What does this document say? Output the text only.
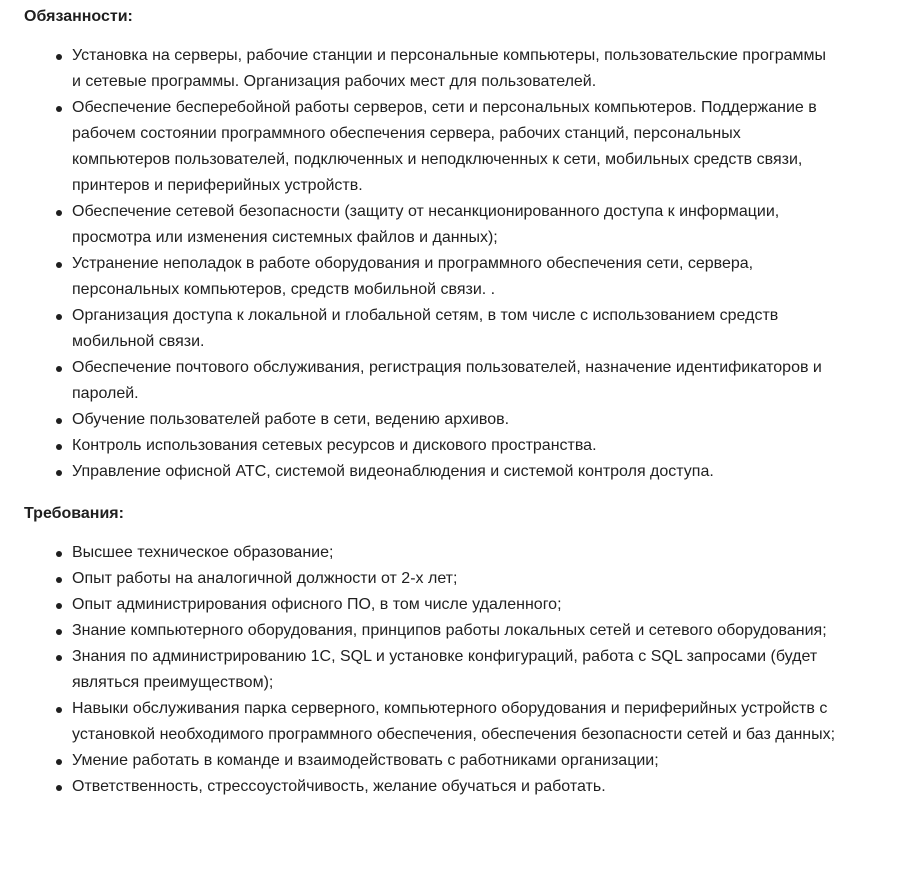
Обязанности:
Установка на серверы, рабочие станции и персональные компьютеры, пользовательские программы и сетевые программы. Организация рабочих мест для пользователей.
Обеспечение бесперебойной работы серверов, сети и персональных компьютеров. Поддержание в рабочем состоянии программного обеспечения сервера, рабочих станций, персональных компьютеров пользователей, подключенных и неподключенных к сети, мобильных средств связи, принтеров и периферийных устройств.
Обеспечение сетевой безопасности (защиту от несанкционированного доступа к информации, просмотра или изменения системных файлов и данных);
Устранение неполадок в работе оборудования и программного обеспечения сети, сервера, персональных компьютеров, средств мобильной связи. .
Организация доступа к локальной и глобальной сетям, в том числе с использованием средств мобильной связи.
Обеспечение почтового обслуживания, регистрация пользователей, назначение идентификаторов и паролей.
Обучение пользователей работе в сети, ведению архивов.
Контроль использования сетевых ресурсов и дискового пространства.
Управление офисной АТС, системой видеонаблюдения и системой контроля доступа.
Требования:
Высшее техническое образование;
Опыт работы на аналогичной должности от 2-х лет;
Опыт администрирования офисного ПО, в том числе удаленного;
Знание компьютерного оборудования, принципов работы локальных сетей и сетевого оборудования;
Знания по администрированию 1С, SQL и установке конфигураций, работа с SQL запросами (будет являться преимуществом);
Навыки обслуживания парка серверного, компьютерного оборудования и периферийных устройств с установкой необходимого программного обеспечения, обеспечения безопасности сетей и баз данных;
Умение работать в команде и взаимодействовать с работниками организации;
Ответственность, стрессоустойчивость, желание обучаться и работать.
